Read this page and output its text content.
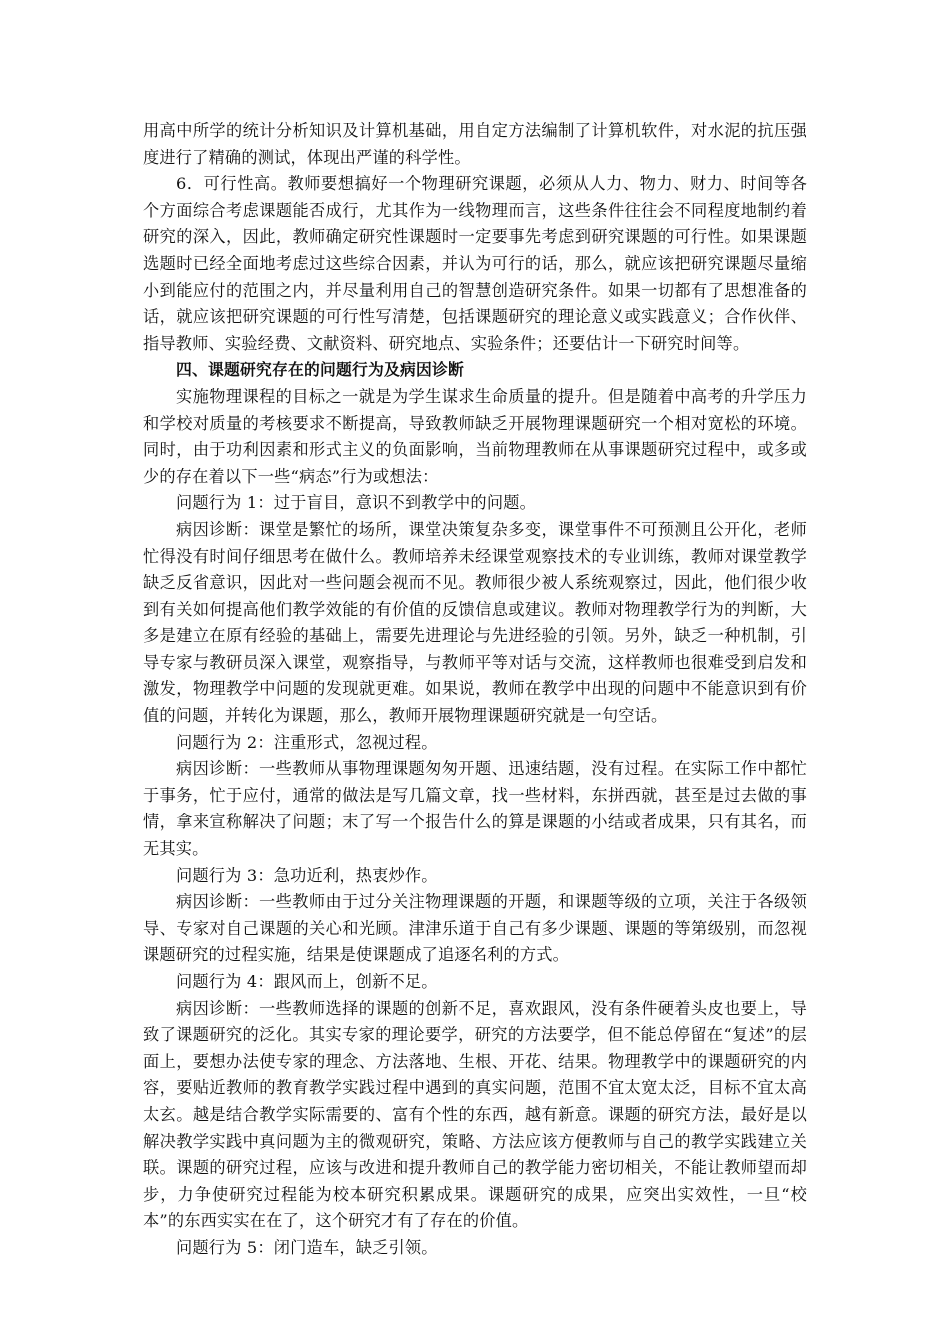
用高中所学的统计分析知识及计算机基础，用自定方法编制了计算机软件，对水泥的抗压强度进行了精确的测试，体现出严谨的科学性。

6．可行性高。教师要想搞好一个物理研究课题，必须从人力、物力、财力、时间等各个方面综合考虑课题能否成行，尤其作为一线物理而言，这些条件往往会不同程度地制约着研究的深入，因此，教师确定研究性课题时一定要事先考虑到研究课题的可行性。如果课题选题时已经全面地考虑过这些综合因素，并认为可行的话，那么，就应该把研究课题尽量缩小到能应付的范围之内，并尽量利用自己的智慧创造研究条件。如果一切都有了思想准备的话，就应该把研究课题的可行性写清楚，包括课题研究的理论意义或实践意义；合作伙伴、指导教师、实验经费、文献资料、研究地点、实验条件；还要估计一下研究时间等。

四、课题研究存在的问题行为及病因诊断

实施物理课程的目标之一就是为学生谋求生命质量的提升。但是随着中高考的升学压力和学校对质量的考核要求不断提高，导致教师缺乏开展物理课题研究一个相对宽松的环境。同时，由于功利因素和形式主义的负面影响，当前物理教师在从事课题研究过程中，或多或少的存在着以下一些“病态”行为或想法：

问题行为 1：过于盲目，意识不到教学中的问题。

病因诊断：课堂是繁忙的场所，课堂决策复杂多变，课堂事件不可预测且公开化，老师忙得没有时间仔细思考在做什么。教师培养未经课堂观察技术的专业训练，教师对课堂教学缺乏反省意识，因此对一些问题会视而不见。教师很少被人系统观察过，因此，他们很少收到有关如何提高他们教学效能的有价值的反馈信息或建议。教师对物理教学行为的判断，大多是建立在原有经验的基础上，需要先进理论与先进经验的引领。另外，缺乏一种机制，引导专家与教研员深入课堂，观察指导，与教师平等对话与交流，这样教师也很难受到启发和激发，物理教学中问题的发现就更难。如果说，教师在教学中出现的问题中不能意识到有价值的问题，并转化为课题，那么，教师开展物理课题研究就是一句空话。

问题行为 2：注重形式，忽视过程。

病因诊断：一些教师从事物理课题匆匆开题、迅速结题，没有过程。在实际工作中都忙于事务，忙于应付，通常的做法是写几篇文章，找一些材料，东拼西就，甚至是过去做的事情，拿来宣称解决了问题；末了写一个报告什么的算是课题的小结或者成果，只有其名，而无其实。

问题行为 3：急功近利，热衷炒作。

病因诊断：一些教师由于过分关注物理课题的开题，和课题等级的立项，关注于各级领导、专家对自己课题的关心和光顾。津津乐道于自己有多少课题、课题的等第级别，而忽视课题研究的过程实施，结果是使课题成了追逐名利的方式。

问题行为 4：跟风而上，创新不足。

病因诊断：一些教师选择的课题的创新不足，喜欢跟风，没有条件硬着头皮也要上，导致了课题研究的泛化。其实专家的理论要学，研究的方法要学，但不能总停留在“复述”的层面上，要想办法使专家的理念、方法落地、生根、开花、结果。物理教学中的课题研究的内容，要贴近教师的教育教学实践过程中遇到的真实问题，范围不宜太宽太泛，目标不宜太高太玄。越是结合教学实际需要的、富有个性的东西，越有新意。课题的研究方法，最好是以解决教学实践中真问题为主的微观研究，策略、方法应该方便教师与自己的教学实践建立关联。课题的研究过程，应该与改进和提升教师自己的教学能力密切相关，不能让教师望而却步，力争使研究过程能为校本研究积累成果。课题研究的成果，应突出实效性，一旦“校本”的东西实实在在了，这个研究才有了存在的价值。

问题行为 5：闭门造车，缺乏引领。
